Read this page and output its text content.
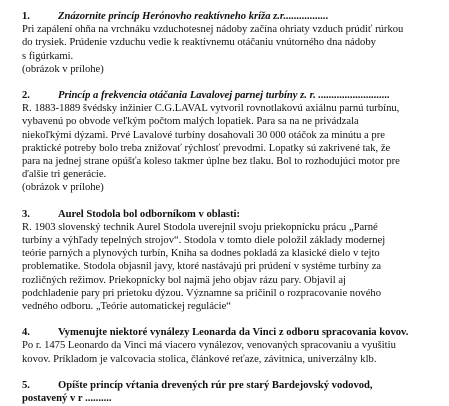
1.	Znázornite princíp Herónovho reaktívneho kríža z.r.................
Pri zapálení ohňa na vrchnáku vzduchotesnej nádoby začína ohriaty vzduch prúdiť rúrkou
do trysiek. Prúdenie vzduchu vedie k reaktívnemu otáčaniu vnútorného dna nádoby
s figúrkami.
(obrázok v prílohe)
2.	Princíp a frekvencia otáčania Lavalovej parnej turbíny z. r. ...........................
R. 1883-1889 švédsky inžinier C.G.LAVAL vytvoril rovnotlakovú axiálnu parnú turbínu,
vybavenú po obvode veľkým počtom malých lopatiek. Para sa na ne privádzala
niekoľkými dýzami. Prvé Lavalové turbíny dosahovali 30 000 otáčok za minútu a pre
praktické potreby bolo treba znižovať rýchlosť prevodmi. Lopatky sú zakrivené tak, že
para na jednej strane opúšťa koleso takmer úplne bez tlaku. Bol to rozhodujúci motor pre
ďalšie tri generácie.
(obrázok v prílohe)
3.	Aurel Stodola bol odborníkom v oblasti:
R. 1903 slovenský technik Aurel Stodola uverejnil svoju priekopnícku prácu „Parné
turbíny a výhľady tepelných strojov“. Stodola v tomto diele položil základy modernej
teórie parných a plynových turbín, Kniha sa dodnes pokladá za klasické dielo v tejto
problematike. Stodola objasnil javy, ktoré nastávajú pri prúdení v systéme turbíny za
rozličných režimov. Priekopnícky bol najmä jeho objav rázu pary. Objavil aj
podchladenie pary pri prietoku dýzou. Významne sa pričinil o rozpracovanie nového
vedného odboru. „Teórie automatickej regulácie“
4.	Vymenujte niektoré vynálezy Leonarda da Vinci z odboru spracovania kovov.
Po r. 1475 Leonardo da Vinci má viacero vynálezov, venovaných spracovaniu a vyušitiu
kovov. Príkladom je valcovacia stolica, článkové reťaze, závitnica, univerzálny klb.
5.	Opíšte princíp vŕtania drevených rúr pre starý Bardejovský vodovod,
postavený v r ..........
